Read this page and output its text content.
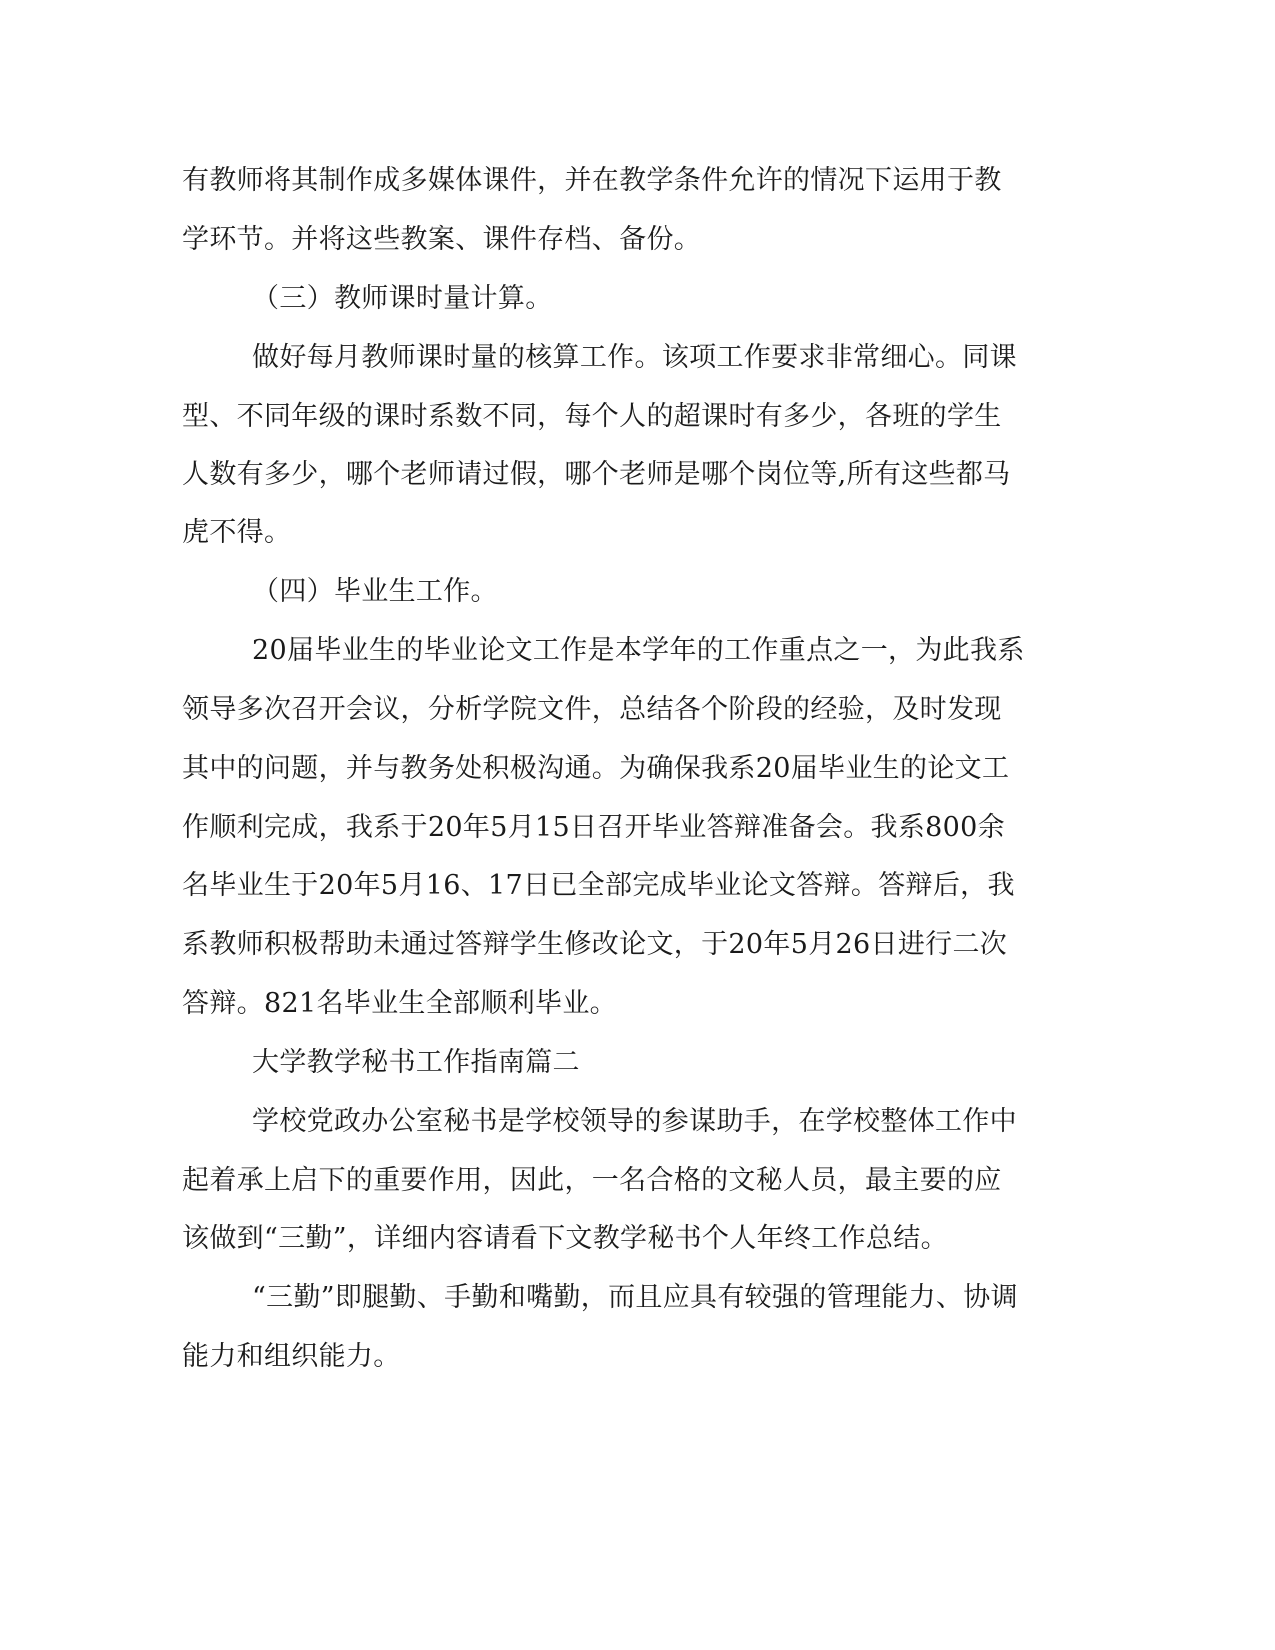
有教师将其制作成多媒体课件，并在教学条件允许的情况下运用于教
学环节。并将这些教案、课件存档、备份。
（三）教师课时量计算。
做好每月教师课时量的核算工作。该项工作要求非常细心。同课
型、不同年级的课时系数不同，每个人的超课时有多少，各班的学生
人数有多少，哪个老师请过假，哪个老师是哪个岗位等,所有这些都马
虎不得。
（四）毕业生工作。
20届毕业生的毕业论文工作是本学年的工作重点之一，为此我系
领导多次召开会议，分析学院文件，总结各个阶段的经验，及时发现
其中的问题，并与教务处积极沟通。为确保我系20届毕业生的论文工
作顺利完成，我系于20年5月15日召开毕业答辩准备会。我系800余
名毕业生于20年5月16、17日已全部完成毕业论文答辩。答辩后，我
系教师积极帮助未通过答辩学生修改论文，于20年5月26日进行二次
答辩。821名毕业生全部顺利毕业。
大学教学秘书工作指南篇二
学校党政办公室秘书是学校领导的参谋助手，在学校整体工作中
起着承上启下的重要作用，因此，一名合格的文秘人员，最主要的应
该做到“三勤”，详细内容请看下文教学秘书个人年终工作总结。
“三勤”即腿勤、手勤和嘴勤，而且应具有较强的管理能力、协调
能力和组织能力。
